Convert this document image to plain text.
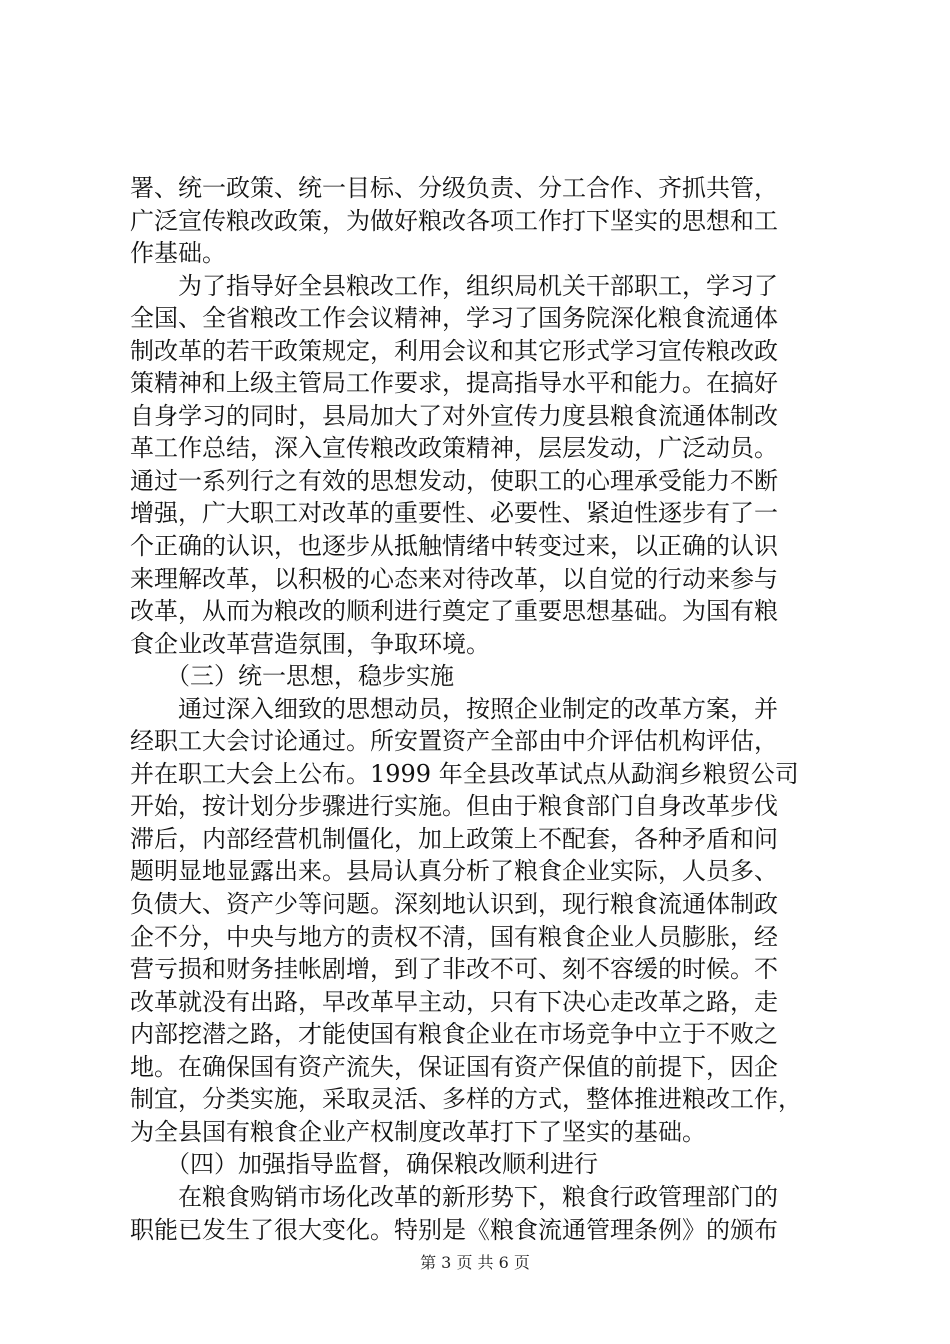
署、统一政策、统一目标、分级负责、分工合作、齐抓共管，
广泛宣传粮改政策，为做好粮改各项工作打下坚实的思想和工
作基础。
　　为了指导好全县粮改工作，组织局机关干部职工，学习了
全国、全省粮改工作会议精神，学习了国务院深化粮食流通体
制改革的若干政策规定，利用会议和其它形式学习宣传粮改政
策精神和上级主管局工作要求，提高指导水平和能力。在搞好
自身学习的同时，县局加大了对外宣传力度县粮食流通体制改
革工作总结，深入宣传粮改政策精神，层层发动，广泛动员。
通过一系列行之有效的思想发动，使职工的心理承受能力不断
增强，广大职工对改革的重要性、必要性、紧迫性逐步有了一
个正确的认识，也逐步从抵触情绪中转变过来，以正确的认识
来理解改革，以积极的心态来对待改革，以自觉的行动来参与
改革，从而为粮改的顺利进行奠定了重要思想基础。为国有粮
食企业改革营造氛围，争取环境。
　　（三）统一思想，稳步实施
　　通过深入细致的思想动员，按照企业制定的改革方案，并
经职工大会讨论通过。所安置资产全部由中介评估机构评估，
并在职工大会上公布。1999 年全县改革试点从勐润乡粮贸公司
开始，按计划分步骤进行实施。但由于粮食部门自身改革步伐
滞后，内部经营机制僵化，加上政策上不配套，各种矛盾和问
题明显地显露出来。县局认真分析了粮食企业实际，人员多、
负债大、资产少等问题。深刻地认识到，现行粮食流通体制政
企不分，中央与地方的责权不清，国有粮食企业人员膨胀，经
营亏损和财务挂帐剧增，到了非改不可、刻不容缓的时候。不
改革就没有出路，早改革早主动，只有下决心走改革之路，走
内部挖潜之路，才能使国有粮食企业在市场竞争中立于不败之
地。在确保国有资产流失，保证国有资产保值的前提下，因企
制宜，分类实施，采取灵活、多样的方式，整体推进粮改工作，
为全县国有粮食企业产权制度改革打下了坚实的基础。
　　（四）加强指导监督，确保粮改顺利进行
　　在粮食购销市场化改革的新形势下，粮食行政管理部门的
职能已发生了很大变化。特别是《粮食流通管理条例》的颁布
第 3 页 共 6 页
